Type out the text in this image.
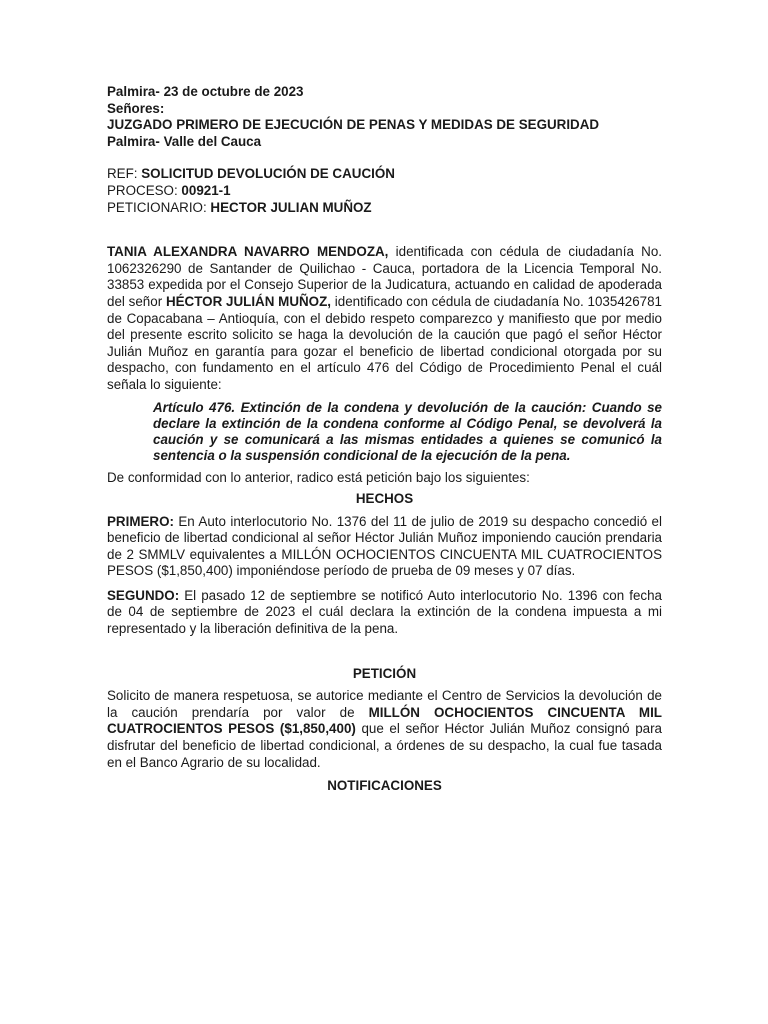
Palmira- 23 de octubre de 2023
Señores:
JUZGADO PRIMERO DE EJECUCIÓN DE PENAS Y MEDIDAS DE SEGURIDAD
Palmira- Valle del Cauca
REF: SOLICITUD DEVOLUCIÓN DE CAUCIÓN
PROCESO: 00921-1
PETICIONARIO: HECTOR JULIAN MUÑOZ

TANIA ALEXANDRA NAVARRO MENDOZA, identificada con cédula de ciudadanía No. 1062326290 de Santander de Quilichao - Cauca, portadora de la Licencia Temporal No. 33853 expedida por el Consejo Superior de la Judicatura, actuando en calidad de apoderada del señor HÉCTOR JULIÁN MUÑOZ, identificado con cédula de ciudadanía No. 1035426781 de Copacabana – Antioquía, con el debido respeto comparezco y manifiesto que por medio del presente escrito solicito se haga la devolución de la caución que pagó el señor Héctor Julián Muñoz en garantía para gozar el beneficio de libertad condicional otorgada por su despacho, con fundamento en el artículo 476 del Código de Procedimiento Penal el cuál señala lo siguiente:

Artículo 476. Extinción de la condena y devolución de la caución: Cuando se declare la extinción de la condena conforme al Código Penal, se devolverá la caución y se comunicará a las mismas entidades a quienes se comunicó la sentencia o la suspensión condicional de la ejecución de la pena.

De conformidad con lo anterior, radico está petición bajo los siguientes:

HECHOS

PRIMERO: En Auto interlocutorio No. 1376 del 11 de julio de 2019 su despacho concedió el beneficio de libertad condicional al señor Héctor Julián Muñoz imponiendo caución prendaria de 2 SMMLV equivalentes a MILLÓN OCHOCIENTOS CINCUENTA MIL CUATROCIENTOS PESOS ($1,850,400) imponiéndose período de prueba de 09 meses y 07 días.

SEGUNDO: El pasado 12 de septiembre se notificó Auto interlocutorio No. 1396 con fecha de 04 de septiembre de 2023 el cuál declara la extinción de la condena impuesta a mi representado y la liberación definitiva de la pena.

PETICIÓN

Solicito de manera respetuosa, se autorice mediante el Centro de Servicios la devolución de la caución prendaría por valor de MILLÓN OCHOCIENTOS CINCUENTA MIL CUATROCIENTOS PESOS ($1,850,400) que el señor Héctor Julián Muñoz consignó para disfrutar del beneficio de libertad condicional, a órdenes de su despacho, la cual fue tasada en el Banco Agrario de su localidad.

NOTIFICACIONES
